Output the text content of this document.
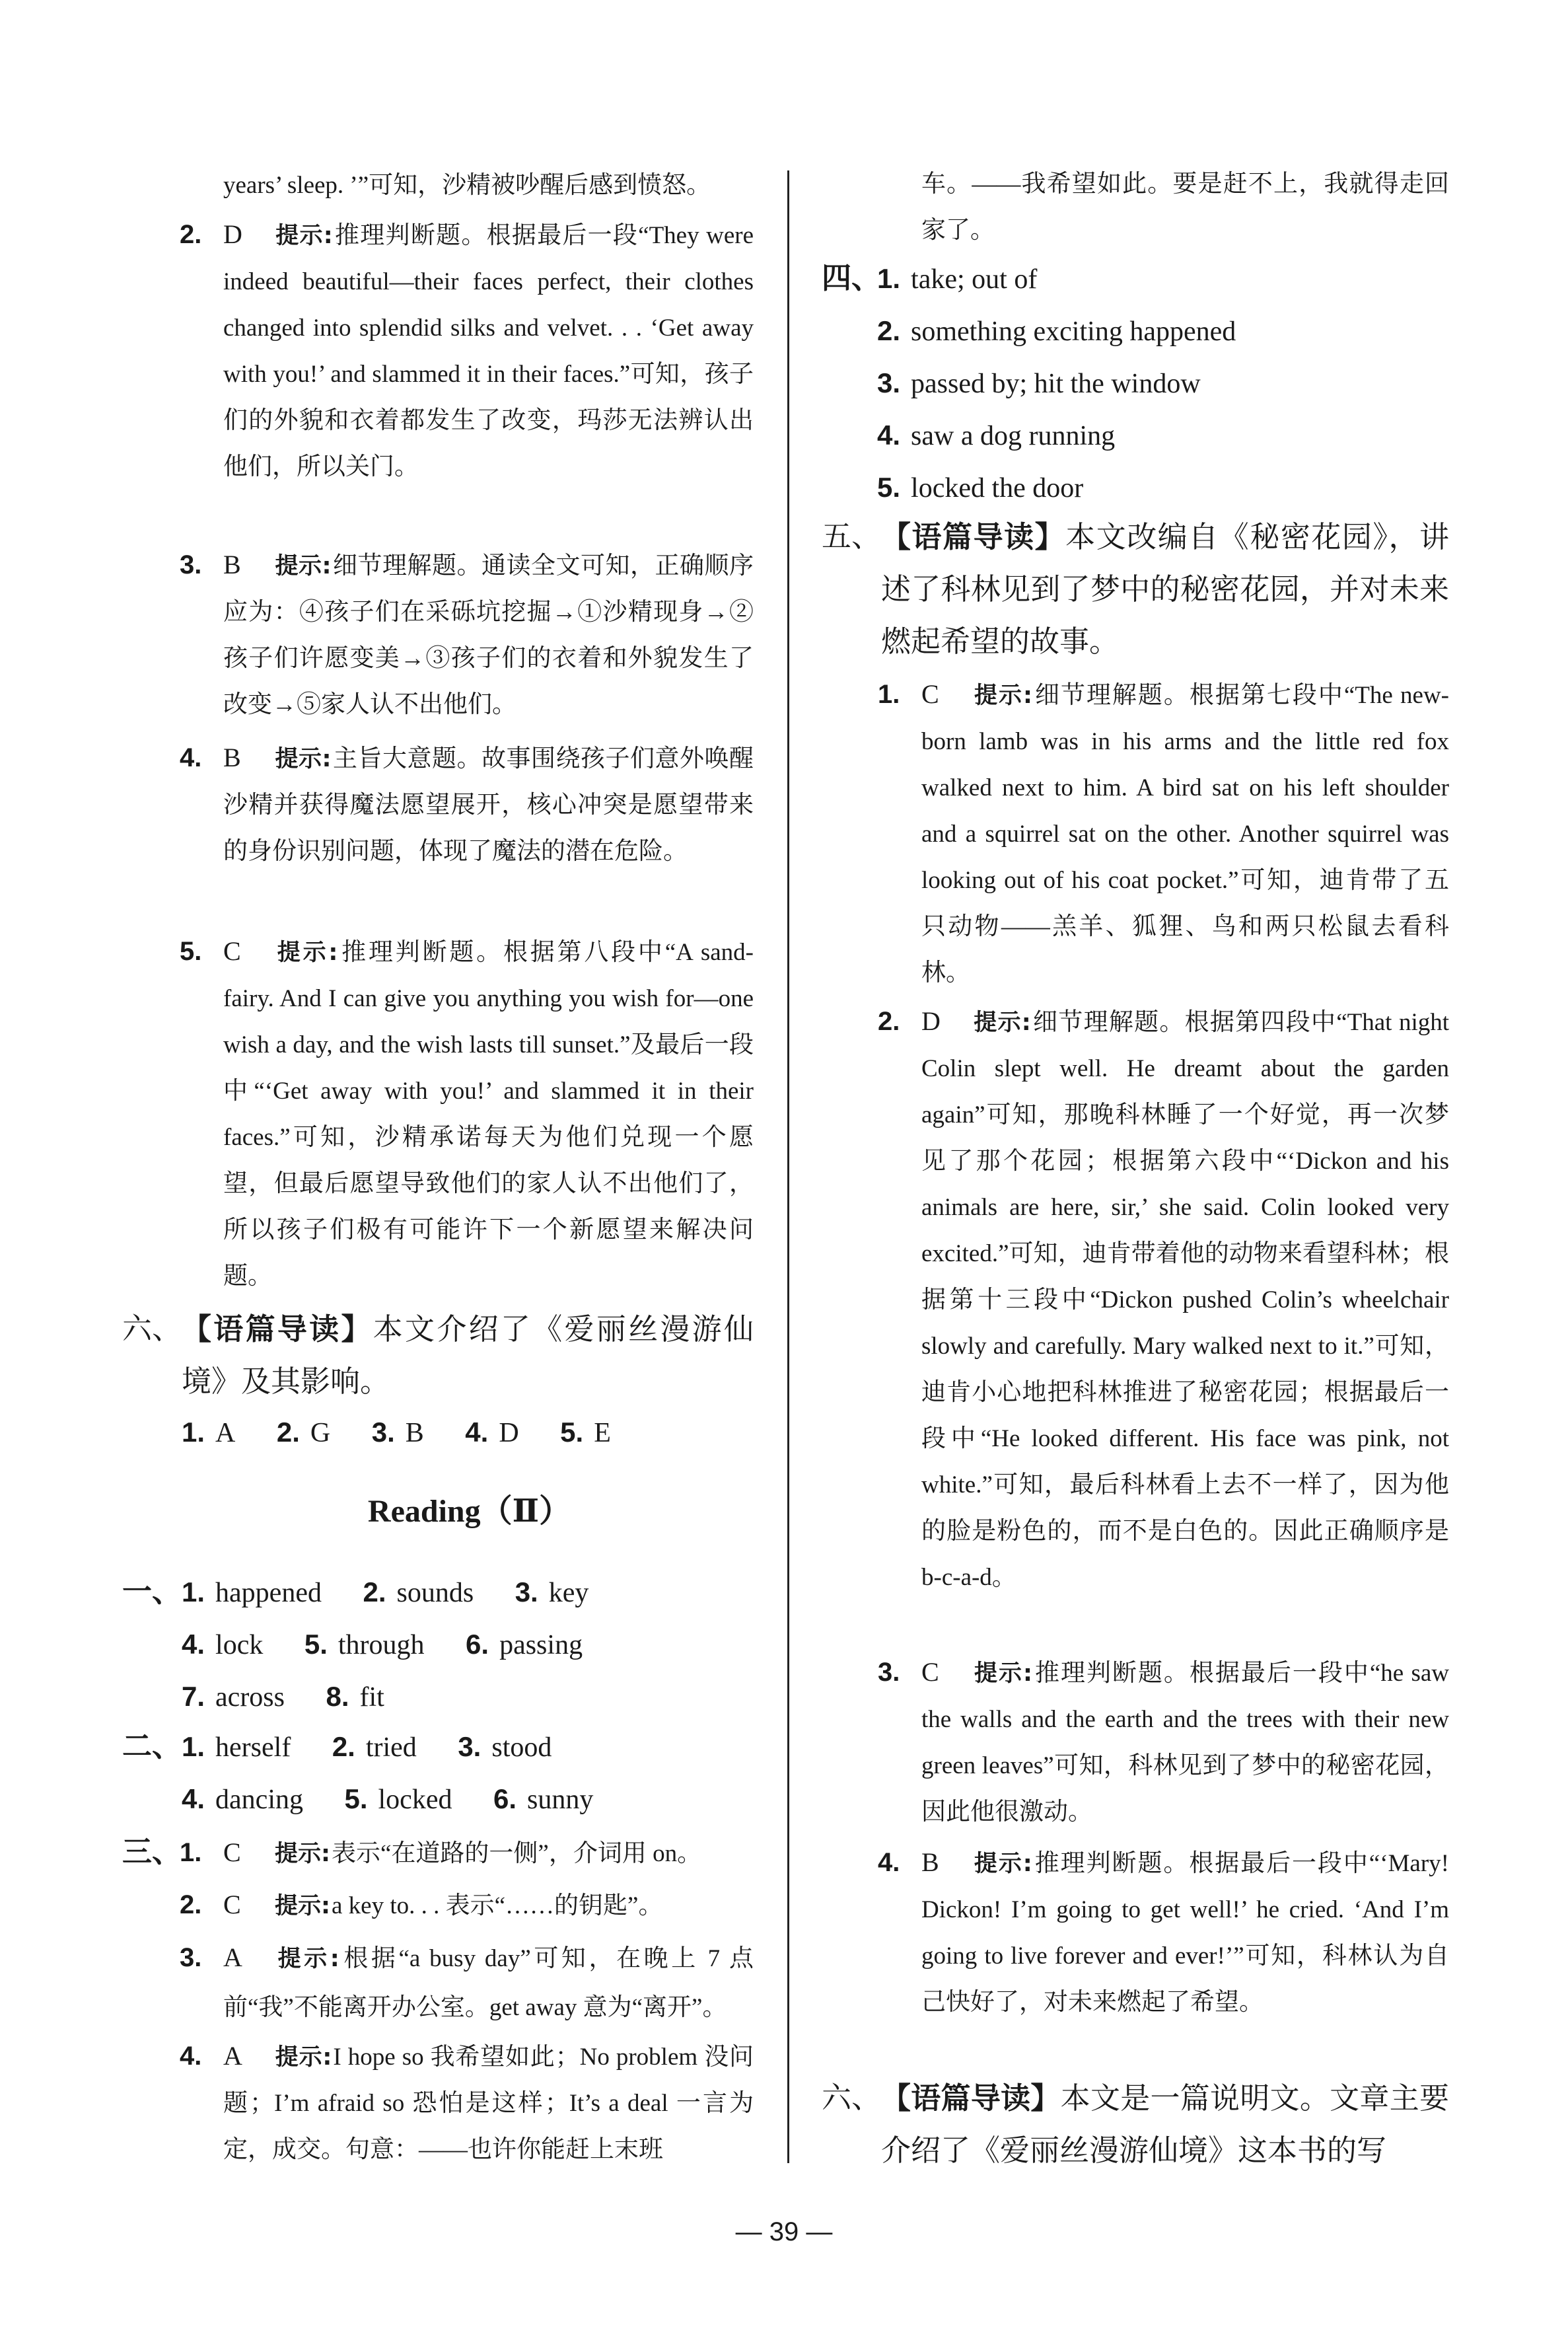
years’ sleep. ’”可知，沙精被吵醒后感到愤怒。
2. D 提示:推理判断题。根据最后一段“They were indeed beautiful—their faces perfect, their clothes changed into splendid silks and velvet. . . ‘Get away with you!’ and slammed it in their faces.”可知，孩子们的外貌和衣着都发生了改变，玛莎无法辨认出他们，所以关门。
3. B 提示:细节理解题。通读全文可知，正确顺序应为：④孩子们在采砾坑挖掘→①沙精现身→②孩子们许愿变美→③孩子们的衣着和外貌发生了改变→⑤家人认不出他们。
4. B 提示:主旨大意题。故事围绕孩子们意外唤醒沙精并获得魔法愿望展开，核心冲突是愿望带来的身份识别问题，体现了魔法的潜在危险。
5. C 提示:推理判断题。根据第八段中“A sand-fairy. And I can give you anything you wish for—one wish a day, and the wish lasts till sunset.”及最后一段中“‘Get away with you!’ and slammed it in their faces.”可知，沙精承诺每天为他们兑现一个愿望，但最后愿望导致他们的家人认不出他们了，所以孩子们极有可能许下一个新愿望来解决问题。
六、 【语篇导读】本文介绍了《爱丽丝漫游仙境》及其影响。
1. A 2. G 3. B 4. D 5. E
Reading（Ⅱ）
一、 1. happened 2. sounds 3. key
4. lock 5. through 6. passing
7. across 8. fit
二、 1. herself 2. tried 3. stood
4. dancing 5. locked 6. sunny
三、
1. C 提示:表示“在道路的一侧”，介词用 on。
2. C 提示:a key to. . . 表示“……的钥匙”。
3. A 提示:根据“a busy day”可知，在晚上 7 点前“我”不能离开办公室。get away 意为“离开”。
4. A 提示:I hope so 我希望如此；No problem 没问题；I’m afraid so 恐怕是这样；It’s a deal 一言为定，成交。句意：——也许你能赶上末班
车。——我希望如此。要是赶不上，我就得走回家了。
四、
1. take; out of
2. something exciting happened
3. passed by; hit the window
4. saw a dog running
5. locked the door
五、 【语篇导读】本文改编自《秘密花园》，讲述了科林见到了梦中的秘密花园，并对未来燃起希望的故事。
1. C 提示:细节理解题。根据第七段中“The new-born lamb was in his arms and the little red fox walked next to him. A bird sat on his left shoulder and a squirrel sat on the other. Another squirrel was looking out of his coat pocket.”可知，迪肯带了五只动物——羔羊、狐狸、鸟和两只松鼠去看科林。
2. D 提示:细节理解题。根据第四段中“That night Colin slept well. He dreamt about the garden again”可知，那晚科林睡了一个好觉，再一次梦见了那个花园；根据第六段中“‘Dickon and his animals are here, sir,’ she said. Colin looked very excited.”可知，迪肯带着他的动物来看望科林；根据第十三段中“Dickon pushed Colin’s wheelchair slowly and carefully. Mary walked next to it.”可知，迪肯小心地把科林推进了秘密花园；根据最后一段中“He looked different. His face was pink, not white.”可知，最后科林看上去不一样了，因为他的脸是粉色的，而不是白色的。因此正确顺序是 b-c-a-d。
3. C 提示:推理判断题。根据最后一段中“he saw the walls and the earth and the trees with their new green leaves”可知，科林见到了梦中的秘密花园，因此他很激动。
4. B 提示:推理判断题。根据最后一段中“‘Mary! Dickon! I’m going to get well!’ he cried. ‘And I’m going to live forever and ever!’”可知，科林认为自己快好了，对未来燃起了希望。
六、 【语篇导读】本文是一篇说明文。文章主要介绍了《爱丽丝漫游仙境》这本书的写
— 39 —
